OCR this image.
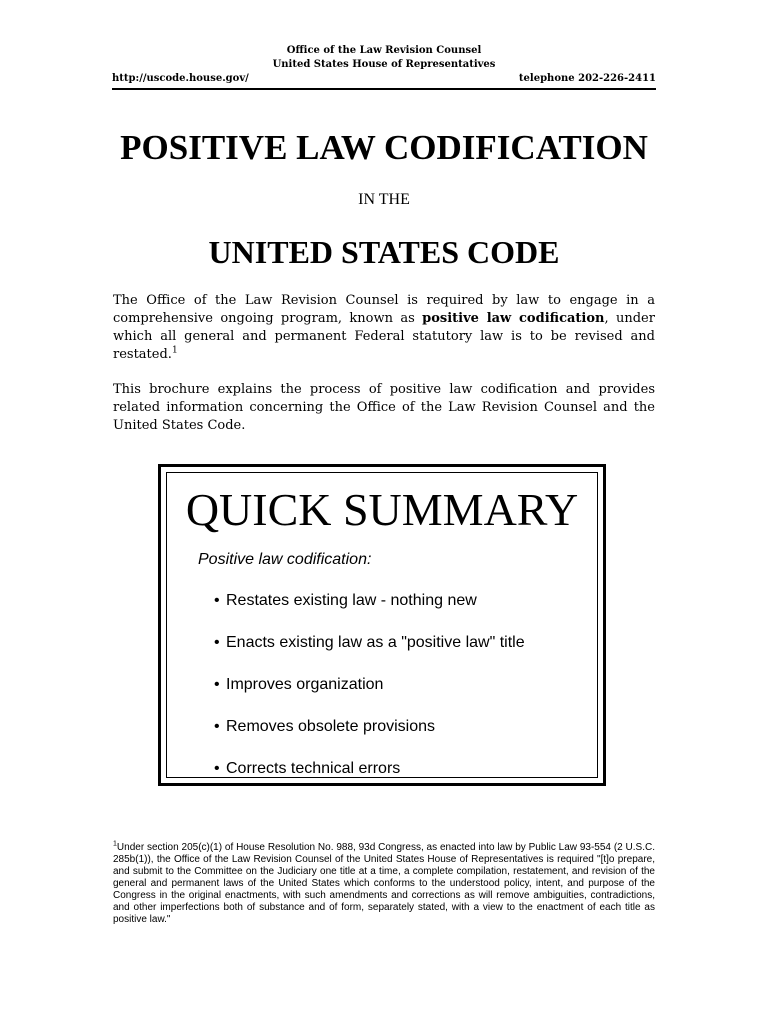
Office of the Law Revision Counsel
United States House of Representatives
http://uscode.house.gov/	telephone 202-226-2411
POSITIVE LAW CODIFICATION
IN THE
UNITED STATES CODE

The Office of the Law Revision Counsel is required by law to engage in a comprehensive ongoing program, known as positive law codification, under which all general and permanent Federal statutory law is to be revised and restated.$^1$

This brochure explains the process of positive law codification and provides related information concerning the Office of the Law Revision Counsel and the United States Code.

QUICK SUMMARY
Positive law codification:
• Restates existing law - nothing new
• Enacts existing law as a "positive law" title
• Improves organization
• Removes obsolete provisions
• Corrects technical errors

$^1$Under section 205(c)(1) of House Resolution No. 988, 93d Congress, as enacted into law by Public Law 93-554 (2 U.S.C. 285b(1)), the Office of the Law Revision Counsel of the United States House of Representatives is required "[t]o prepare, and submit to the Committee on the Judiciary one title at a time, a complete compilation, restatement, and revision of the general and permanent laws of the United States which conforms to the understood policy, intent, and purpose of the Congress in the original enactments, with such amendments and corrections as will remove ambiguities, contradictions, and other imperfections both of substance and of form, separately stated, with a view to the enactment of each title as positive law."
